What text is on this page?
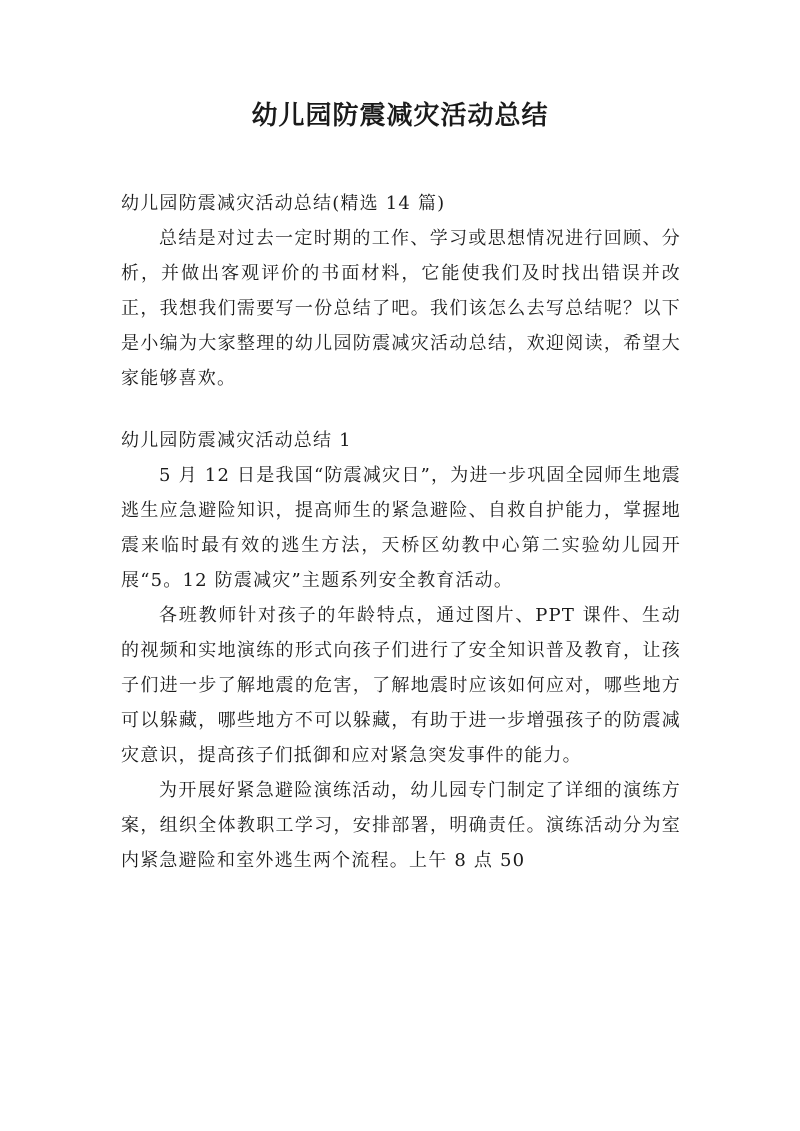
幼儿园防震减灾活动总结

幼儿园防震减灾活动总结(精选 14 篇)

总结是对过去一定时期的工作、学习或思想情况进行回顾、分析，并做出客观评价的书面材料，它能使我们及时找出错误并改正，我想我们需要写一份总结了吧。我们该怎么去写总结呢？以下是小编为大家整理的幼儿园防震减灾活动总结，欢迎阅读，希望大家能够喜欢。

幼儿园防震减灾活动总结 1

5 月 12 日是我国“防震减灾日”，为进一步巩固全园师生地震逃生应急避险知识，提高师生的紧急避险、自救自护能力，掌握地震来临时最有效的逃生方法，天桥区幼教中心第二实验幼儿园开展“5。12 防震减灾”主题系列安全教育活动。

各班教师针对孩子的年龄特点，通过图片、PPT 课件、生动的视频和实地演练的形式向孩子们进行了安全知识普及教育，让孩子们进一步了解地震的危害，了解地震时应该如何应对，哪些地方可以躲藏，哪些地方不可以躲藏，有助于进一步增强孩子的防震减灾意识，提高孩子们抵御和应对紧急突发事件的能力。

为开展好紧急避险演练活动，幼儿园专门制定了详细的演练方案，组织全体教职工学习，安排部署，明确责任。演练活动分为室内紧急避险和室外逃生两个流程。上午 8 点 50
